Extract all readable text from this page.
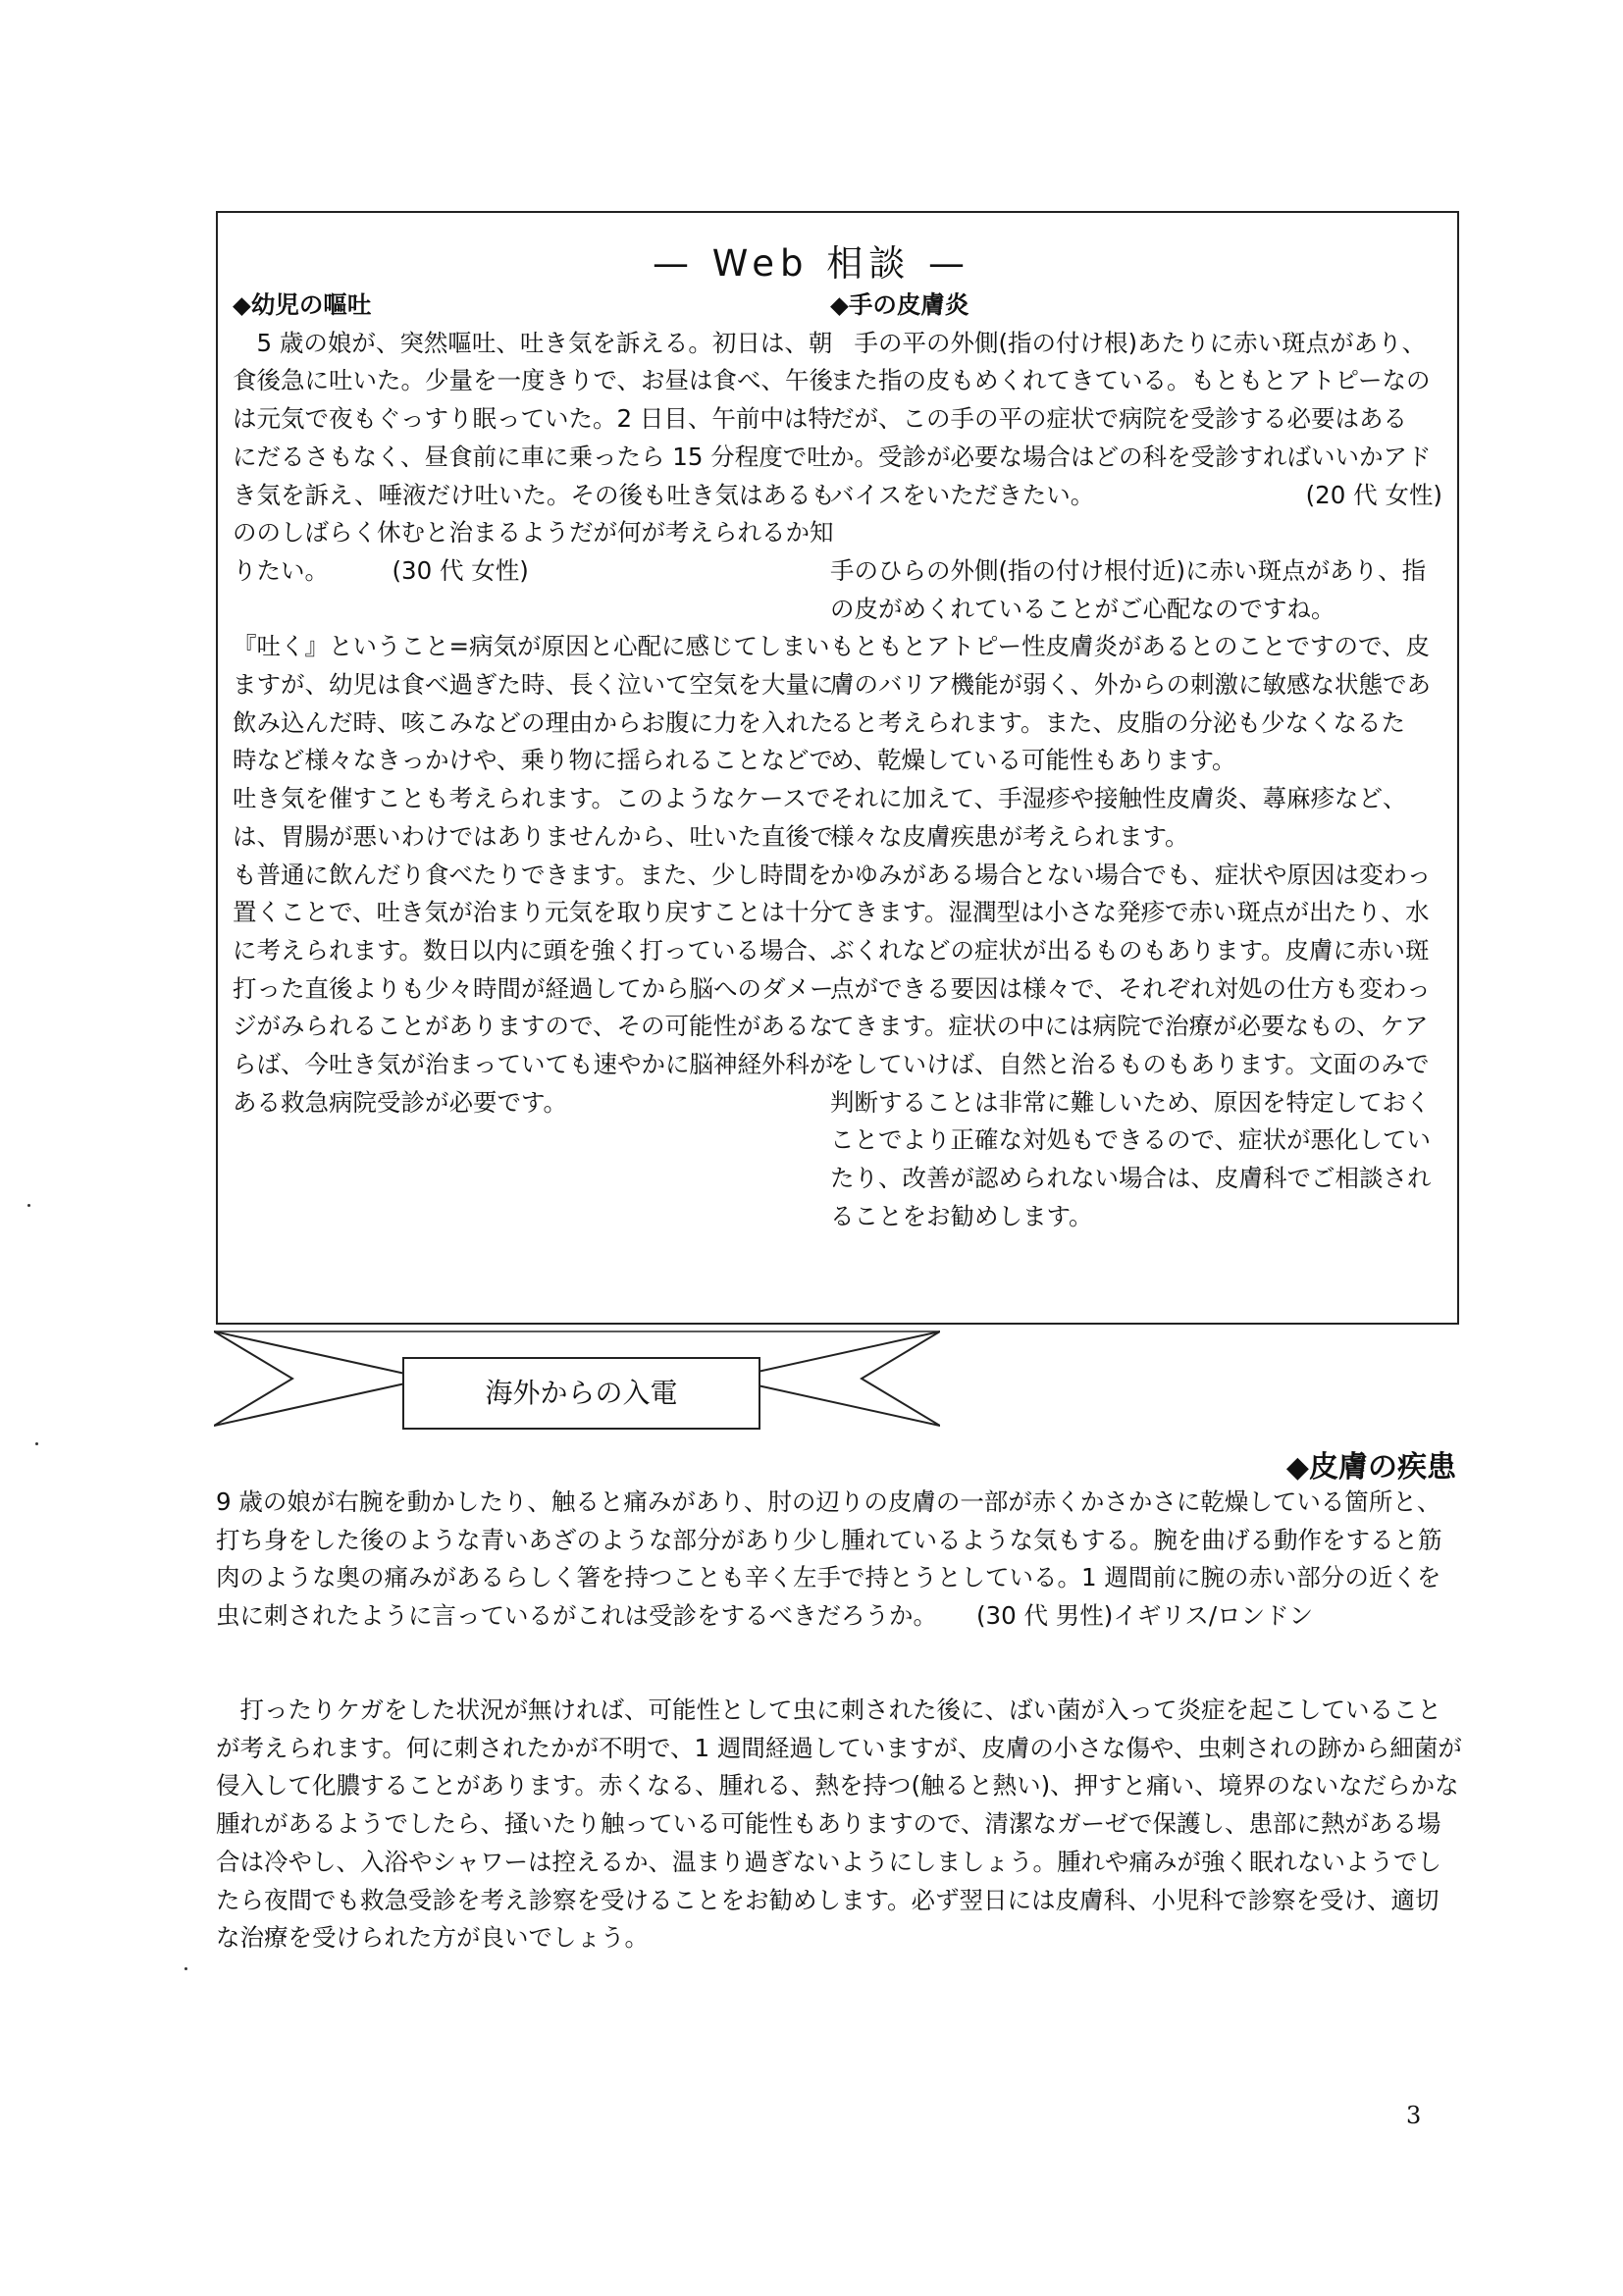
— Web 相談 —

◆幼児の嘔吐

5 歳の娘が、突然嘔吐、吐き気を訴える。初日は、朝食後急に吐いた。少量を一度きりで、お昼は食べ、午後は元気で夜もぐっすり眠っていた。2 日目、午前中は特にだるさもなく、昼食前に車に乗ったら 15 分程度で吐き気を訴え、唾液だけ吐いた。その後も吐き気はあるもののしばらく休むと治まるようだが何が考えられるか知りたい。	(30 代 女性)

『吐く』ということ=病気が原因と心配に感じてしまいますが、幼児は食べ過ぎた時、長く泣いて空気を大量に飲み込んだ時、咳こみなどの理由からお腹に力を入れた時など様々なきっかけや、乗り物に揺られることなどで吐き気を催すことも考えられます。このようなケースでは、胃腸が悪いわけではありませんから、吐いた直後でも普通に飲んだり食べたりできます。また、少し時間を置くことで、吐き気が治まり元気を取り戻すことは十分に考えられます。数日以内に頭を強く打っている場合、打った直後よりも少々時間が経過してから脳へのダメージがみられることがありますので、その可能性があるならば、今吐き気が治まっていても速やかに脳神経外科がある救急病院受診が必要です。

◆手の皮膚炎

手の平の外側(指の付け根)あたりに赤い斑点があり、また指の皮もめくれてきている。もともとアトピーなのだが、この手の平の症状で病院を受診する必要はあるか。受診が必要な場合はどの科を受診すればいいかアドバイスをいただきたい。	(20 代 女性)

手のひらの外側(指の付け根付近)に赤い斑点があり、指の皮がめくれていることがご心配なのですね。

もともとアトピー性皮膚炎があるとのことですので、皮膚のバリア機能が弱く、外からの刺激に敏感な状態であると考えられます。また、皮脂の分泌も少なくなるため、乾燥している可能性もあります。

それに加えて、手湿疹や接触性皮膚炎、蕁麻疹など、様々な皮膚疾患が考えられます。

かゆみがある場合とない場合でも、症状や原因は変わってきます。湿潤型は小さな発疹で赤い斑点が出たり、水ぶくれなどの症状が出るものもあります。皮膚に赤い斑点ができる要因は様々で、それぞれ対処の仕方も変わってきます。症状の中には病院で治療が必要なもの、ケアをしていけば、自然と治るものもあります。文面のみで判断することは非常に難しいため、原因を特定しておくことでより正確な対処もできるので、症状が悪化していたり、改善が認められない場合は、皮膚科でご相談されることをお勧めします。

海外からの入電
◆皮膚の疾患

9 歳の娘が右腕を動かしたり、触ると痛みがあり、肘の辺りの皮膚の一部が赤くかさかさに乾燥している箇所と、打ち身をした後のような青いあざのような部分があり少し腫れているような気もする。腕を曲げる動作をすると筋肉のような奥の痛みがあるらしく箸を持つことも辛く左手で持とうとしている。1 週間前に腕の赤い部分の近くを虫に刺されたように言っているがこれは受診をするべきだろうか。 (30 代 男性)イギリス/ロンドン

打ったりケガをした状況が無ければ、可能性として虫に刺された後に、ばい菌が入って炎症を起こしていることが考えられます。何に刺されたかが不明で、1 週間経過していますが、皮膚の小さな傷や、虫刺されの跡から細菌が侵入して化膿することがあります。赤くなる、腫れる、熱を持つ(触ると熱い)、押すと痛い、境界のないなだらかな腫れがあるようでしたら、掻いたり触っている可能性もありますので、清潔なガーゼで保護し、患部に熱がある場合は冷やし、入浴やシャワーは控えるか、温まり過ぎないようにしましょう。腫れや痛みが強く眠れないようでしたら夜間でも救急受診を考え診察を受けることをお勧めします。必ず翌日には皮膚科、小児科で診察を受け、適切な治療を受けられた方が良いでしょう。

3
